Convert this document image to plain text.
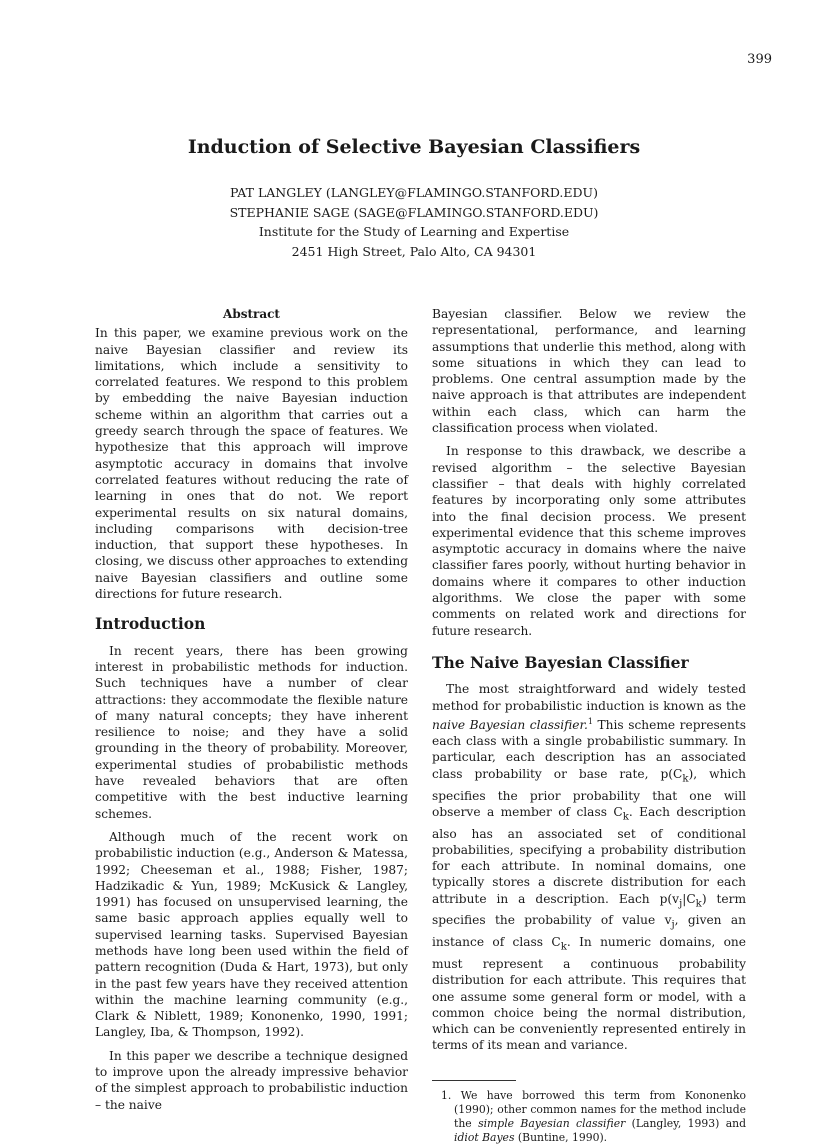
399
Induction of Selective Bayesian Classifiers
PAT LANGLEY (LANGLEY@FLAMINGO.STANFORD.EDU)
STEPHANIE SAGE (SAGE@FLAMINGO.STANFORD.EDU)
Institute for the Study of Learning and Expertise
2451 High Street, Palo Alto, CA 94301
Abstract

In this paper, we examine previous work on the naive Bayesian classifier and review its limitations, which include a sensitivity to correlated features. We respond to this problem by embedding the naive Bayesian induction scheme within an algorithm that carries out a greedy search through the space of features. We hypothesize that this approach will improve asymptotic accuracy in domains that involve correlated features without reducing the rate of learning in ones that do not. We report experimental results on six natural domains, including comparisons with decision-tree induction, that support these hypotheses. In closing, we discuss other approaches to extending naive Bayesian classifiers and outline some directions for future research.

Introduction

In recent years, there has been growing interest in probabilistic methods for induction. Such techniques have a number of clear attractions: they accommodate the flexible nature of many natural concepts; they have inherent resilience to noise; and they have a solid grounding in the theory of probability. Moreover, experimental studies of probabilistic methods have revealed behaviors that are often competitive with the best inductive learning schemes.

Although much of the recent work on probabilistic induction (e.g., Anderson & Matessa, 1992; Cheeseman et al., 1988; Fisher, 1987; Hadzikadic & Yun, 1989; McKusick & Langley, 1991) has focused on unsupervised learning, the same basic approach applies equally well to supervised learning tasks. Supervised Bayesian methods have long been used within the field of pattern recognition (Duda & Hart, 1973), but only in the past few years have they received attention within the machine learning community (e.g., Clark & Niblett, 1989; Kononenko, 1990, 1991; Langley, Iba, & Thompson, 1992).

In this paper we describe a technique designed to improve upon the already impressive behavior of the simplest approach to probabilistic induction – the naive

Bayesian classifier. Below we review the representational, performance, and learning assumptions that underlie this method, along with some situations in which they can lead to problems. One central assumption made by the naive approach is that attributes are independent within each class, which can harm the classification process when violated.

In response to this drawback, we describe a revised algorithm – the selective Bayesian classifier – that deals with highly correlated features by incorporating only some attributes into the final decision process. We present experimental evidence that this scheme improves asymptotic accuracy in domains where the naive classifier fares poorly, without hurting behavior in domains where it compares to other induction algorithms. We close the paper with some comments on related work and directions for future research.

The Naive Bayesian Classifier

The most straightforward and widely tested method for probabilistic induction is known as the naive Bayesian classifier.$^1$ This scheme represents each class with a single probabilistic summary. In particular, each description has an associated class probability or base rate, $p(C_k)$, which specifies the prior probability that one will observe a member of class $C_k$. Each description also has an associated set of conditional probabilities, specifying a probability distribution for each attribute. In nominal domains, one typically stores a discrete distribution for each attribute in a description. Each $p(v_j|C_k)$ term specifies the probability of value $v_j$, given an instance of class $C_k$. In numeric domains, one must represent a continuous probability distribution for each attribute. This requires that one assume some general form or model, with a common choice being the normal distribution, which can be conveniently represented entirely in terms of its mean and variance.

1. We have borrowed this term from Kononenko (1990); other common names for the method include the simple Bayesian classifier (Langley, 1993) and idiot Bayes (Buntine, 1990).
